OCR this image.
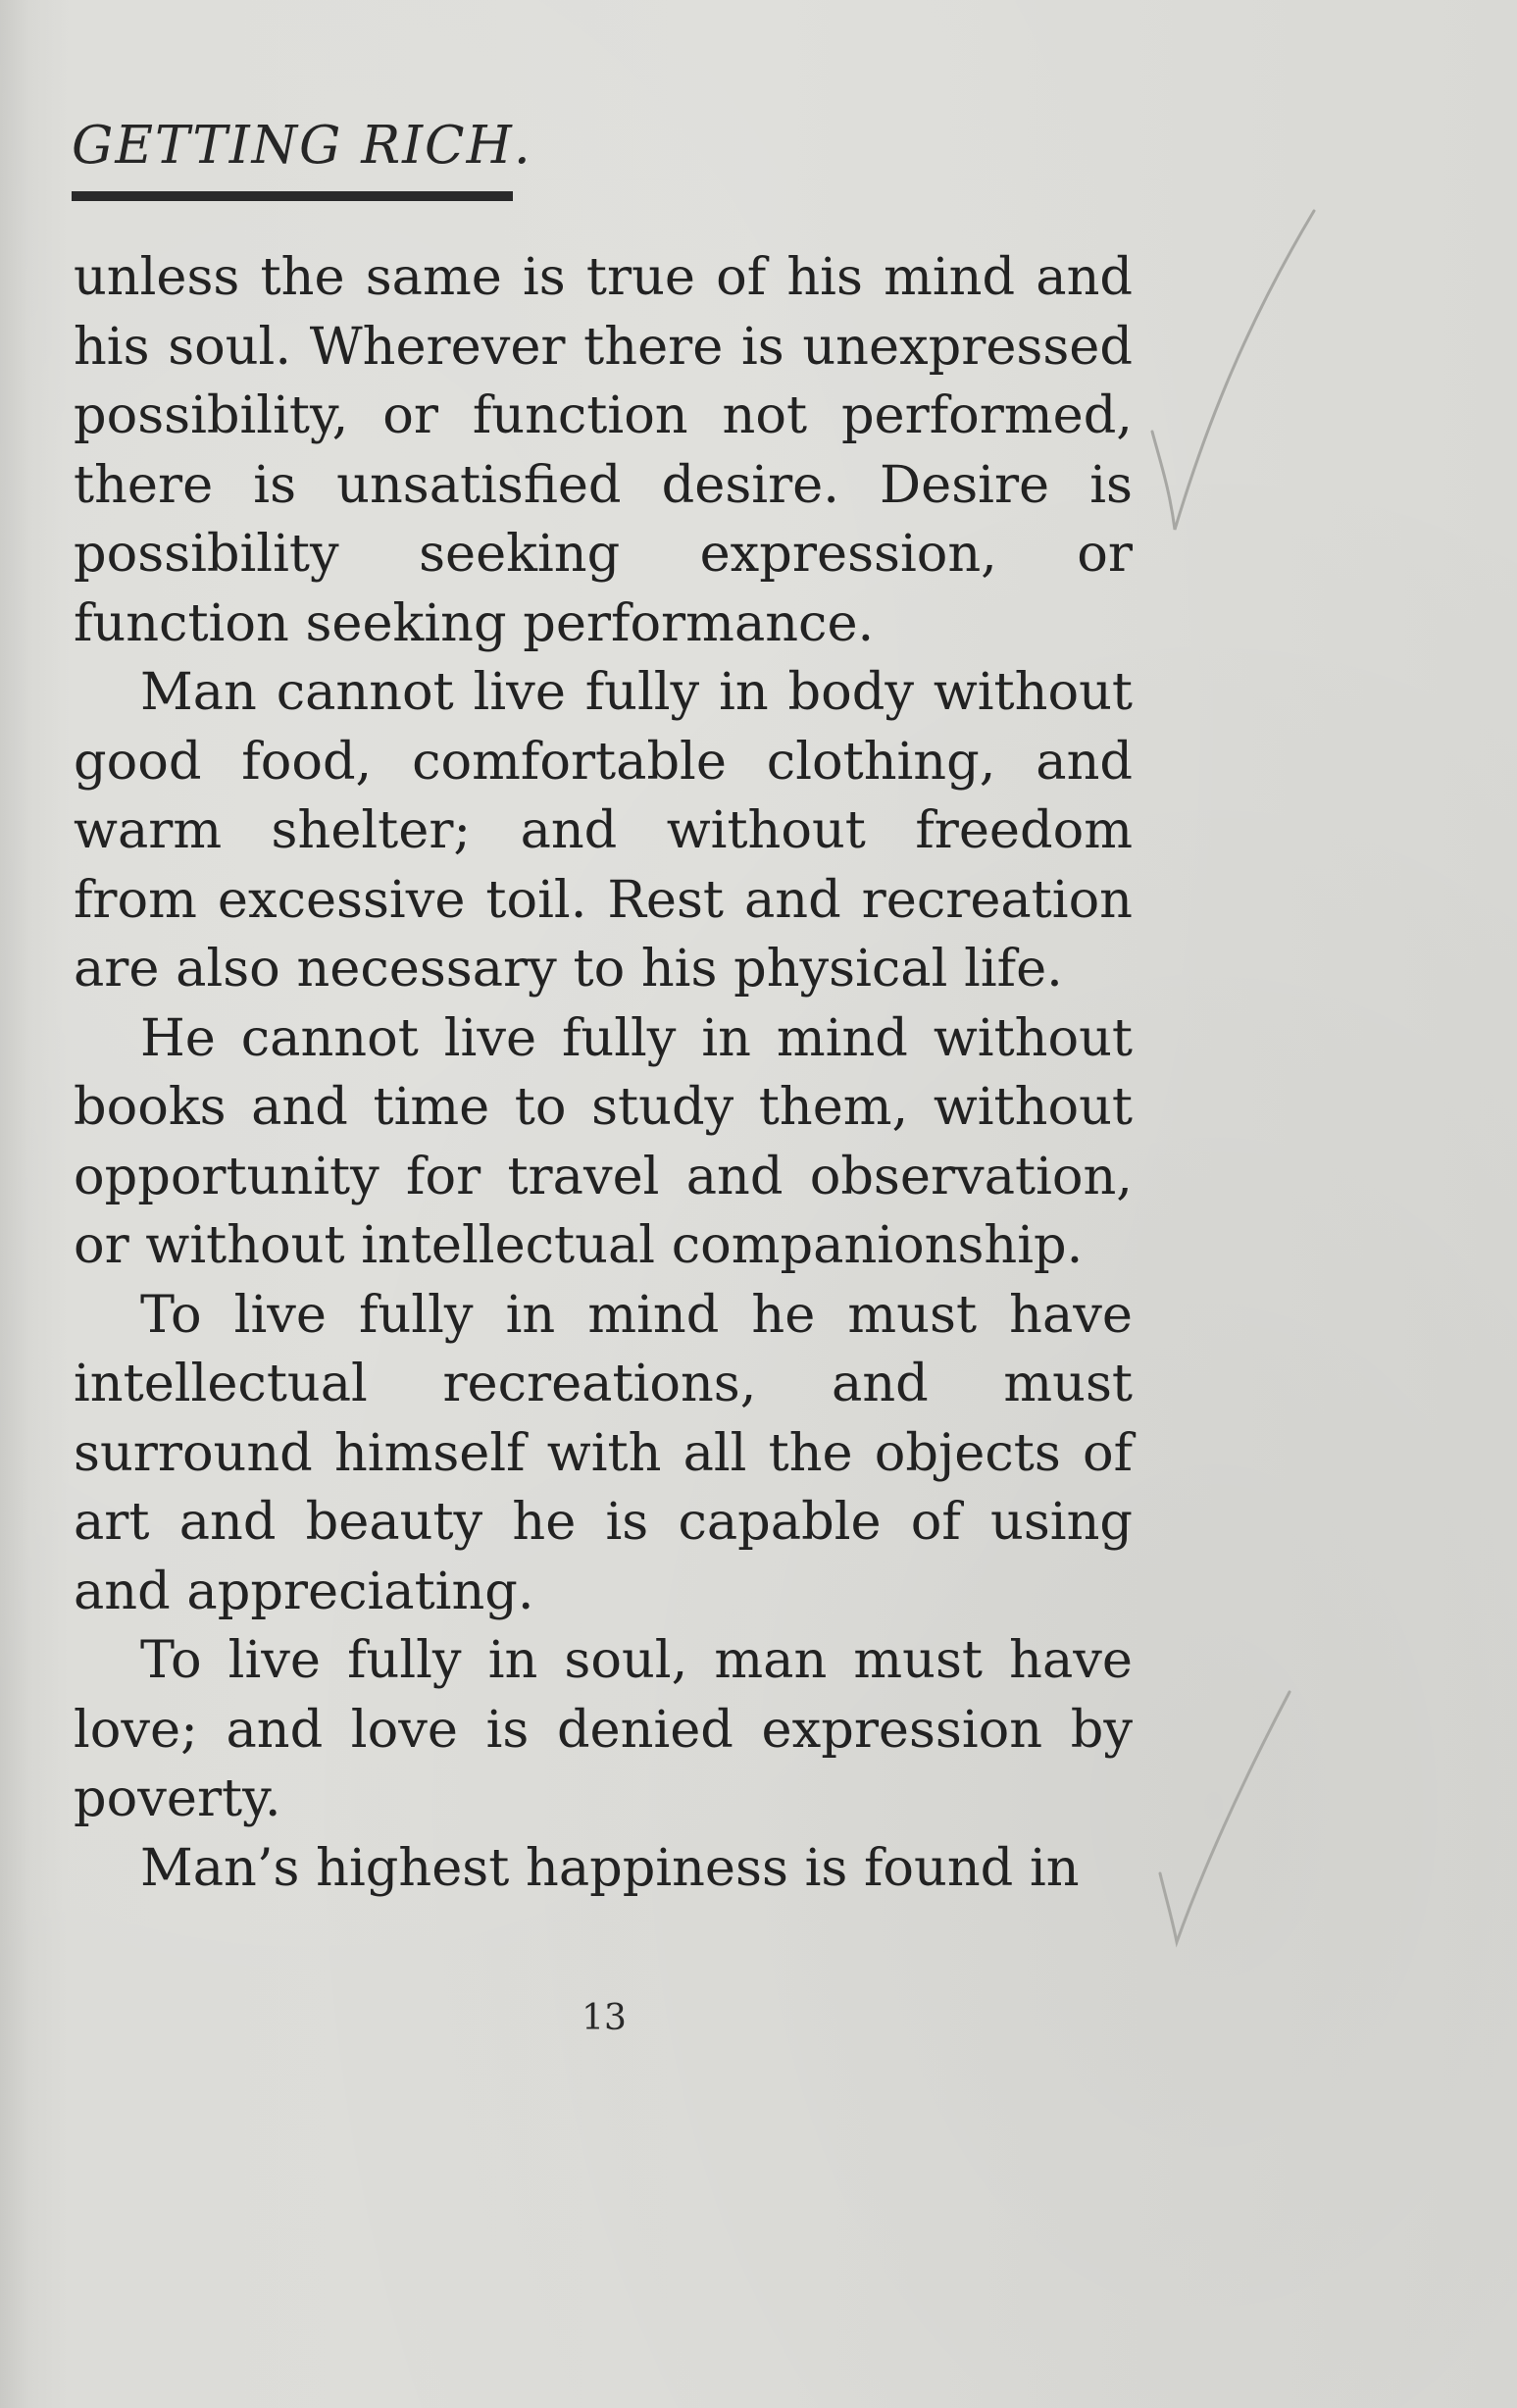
GETTING RICH.

unless the same is true of his mind and his soul. Wherever there is unexpressed possibility, or function not performed, there is unsatisfied desire. Desire is possibility seeking expression, or function seeking performance.

Man cannot live fully in body without good food, comfortable clothing, and warm shelter; and without freedom from excessive toil. Rest and recreation are also necessary to his physical life.

He cannot live fully in mind without books and time to study them, without opportunity for travel and observation, or without intellectual companionship.

To live fully in mind he must have intellectual recreations, and must surround himself with all the objects of art and beauty he is capable of using and appreciating.

To live fully in soul, man must have love; and love is denied expression by poverty.

Man’s highest happiness is found in

13
